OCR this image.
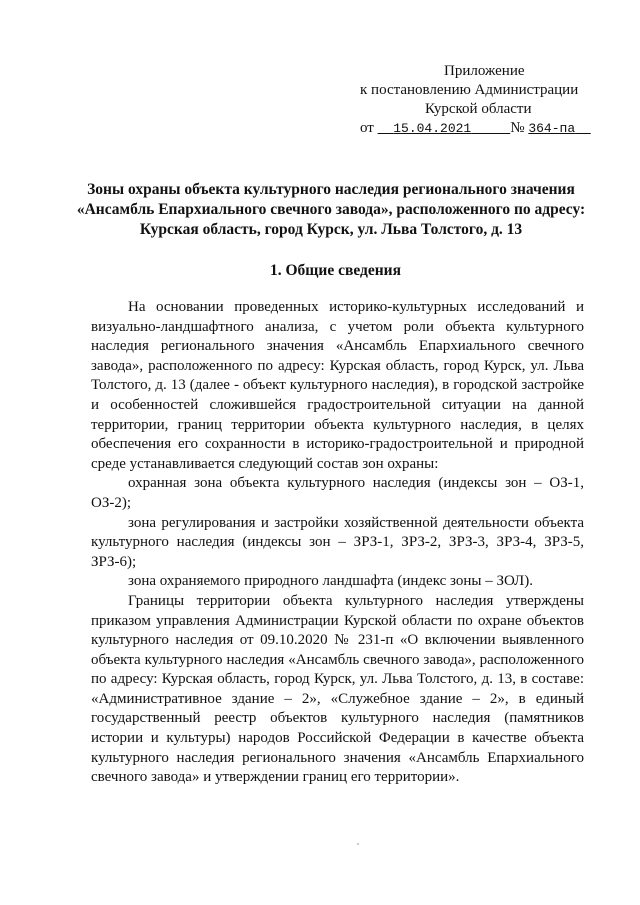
Приложение
к постановлению Администрации
Курской области
от 15.04.2021	№ 364-па
Зоны охраны объекта культурного наследия регионального значения «Ансамбль Епархиального свечного завода», расположенного по адресу: Курская область, город Курск, ул. Льва Толстого, д. 13
1. Общие сведения

На основании проведенных историко-культурных исследований и визуально-ландшафтного анализа, с учетом роли объекта культурного наследия регионального значения «Ансамбль Епархиального свечного завода», расположенного по адресу: Курская область, город Курск, ул. Льва Толстого, д. 13 (далее - объект культурного наследия), в городской застройке и особенностей сложившейся градостроительной ситуации на данной территории, границ территории объекта культурного наследия, в целях обеспечения его сохранности в историко-градостроительной и природной среде устанавливается следующий состав зон охраны:

охранная зона объекта культурного наследия (индексы зон – ОЗ-1, ОЗ-2);

зона регулирования и застройки хозяйственной деятельности объекта культурного наследия (индексы зон – ЗРЗ-1, ЗРЗ-2, ЗРЗ-3, ЗРЗ-4, ЗРЗ-5, ЗРЗ-6);

зона охраняемого природного ландшафта (индекс зоны – ЗОЛ).

Границы территории объекта культурного наследия утверждены приказом управления Администрации Курской области по охране объектов культурного наследия от 09.10.2020 № 231-п «О включении выявленного объекта культурного наследия «Ансамбль свечного завода», расположенного по адресу: Курская область, город Курск, ул. Льва Толстого, д. 13, в составе: «Административное здание – 2», «Служебное здание – 2», в единый государственный реестр объектов культурного наследия (памятников истории и культуры) народов Российской Федерации в качестве объекта культурного наследия регионального значения «Ансамбль Епархиального свечного завода» и утверждении границ его территории».
